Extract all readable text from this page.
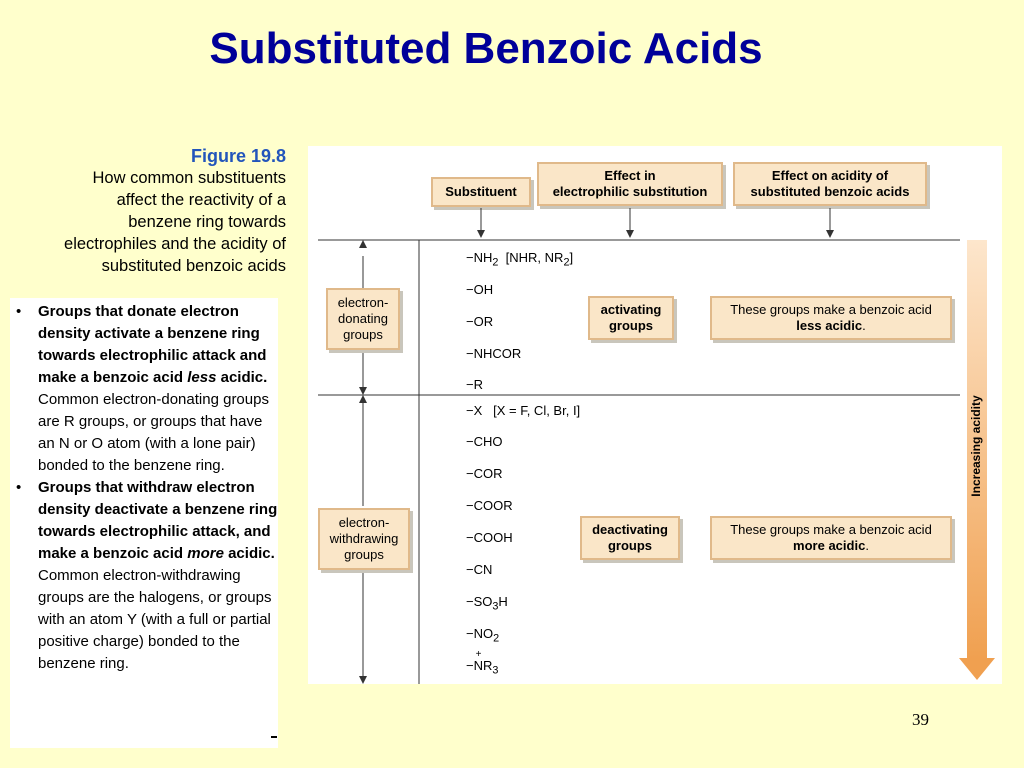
Substituted Benzoic Acids
Figure 19.8
How common substituents
affect the reactivity of a
benzene ring towards
electrophiles and the acidity of
substituted benzoic acids
•	Groups that donate electron density activate a benzene ring towards electrophilic attack and make a benzoic acid less acidic. Common electron-donating groups are R groups, or groups that have an N or O atom (with a lone pair) bonded to the benzene ring.
•	Groups that withdraw electron density deactivate a benzene ring towards electrophilic attack, and make a benzoic acid more acidic. Common electron-withdrawing groups are the halogens, or groups with an atom Y (with a full or partial positive charge) bonded to the benzene ring.
Substituent
Effect in
electrophilic substitution
Effect on acidity of
substituted benzoic acids
electron-
donating
groups
electron-
withdrawing
groups
activating
groups
deactivating
groups
These groups make a benzoic acid
less acidic.
These groups make a benzoic acid
more acidic.
Increasing acidity
$-NH_2$ [NHR, $NR_2$]
−OH
−OR
−NHCOR
−R
−X [X = F, Cl, Br, I]
−CHO
−COR
−COOR
−COOH
−CN
$-SO_3H$
$-NO_2$
−
+
$NR_3$
39
